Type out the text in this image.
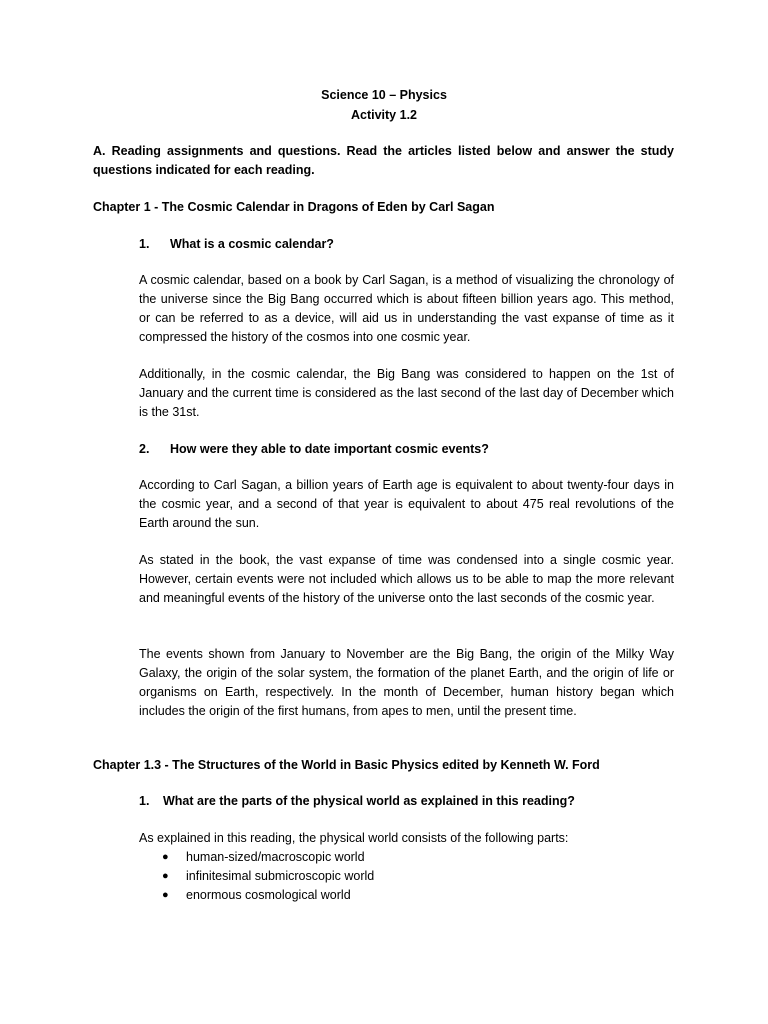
Science 10 – Physics

Activity 1.2

A. Reading assignments and questions. Read the articles listed below and answer the study questions indicated for each reading.

Chapter 1 - The Cosmic Calendar in Dragons of Eden by Carl Sagan

1. What is a cosmic calendar?

A cosmic calendar, based on a book by Carl Sagan, is a method of visualizing the chronology of the universe since the Big Bang occurred which is about fifteen billion years ago. This method, or can be referred to as a device, will aid us in understanding the vast expanse of time as it compressed the history of the cosmos into one cosmic year.

Additionally, in the cosmic calendar, the Big Bang was considered to happen on the 1st of January and the current time is considered as the last second of the last day of December which is the 31st.

2. How were they able to date important cosmic events?

According to Carl Sagan, a billion years of Earth age is equivalent to about twenty-four days in the cosmic year, and a second of that year is equivalent to about 475 real revolutions of the Earth around the sun.

As stated in the book, the vast expanse of time was condensed into a single cosmic year. However, certain events were not included which allows us to be able to map the more relevant and meaningful events of the history of the universe onto the last seconds of the cosmic year.

The events shown from January to November are the Big Bang, the origin of the Milky Way Galaxy, the origin of the solar system, the formation of the planet Earth, and the origin of life or organisms on Earth, respectively. In the month of December, human history began which includes the origin of the first humans, from apes to men, until the present time.

Chapter 1.3 - The Structures of the World in Basic Physics edited by Kenneth W. Ford

1. What are the parts of the physical world as explained in this reading?

As explained in this reading, the physical world consists of the following parts:

● human-sized/macroscopic world

● infinitesimal submicroscopic world

● enormous cosmological world
